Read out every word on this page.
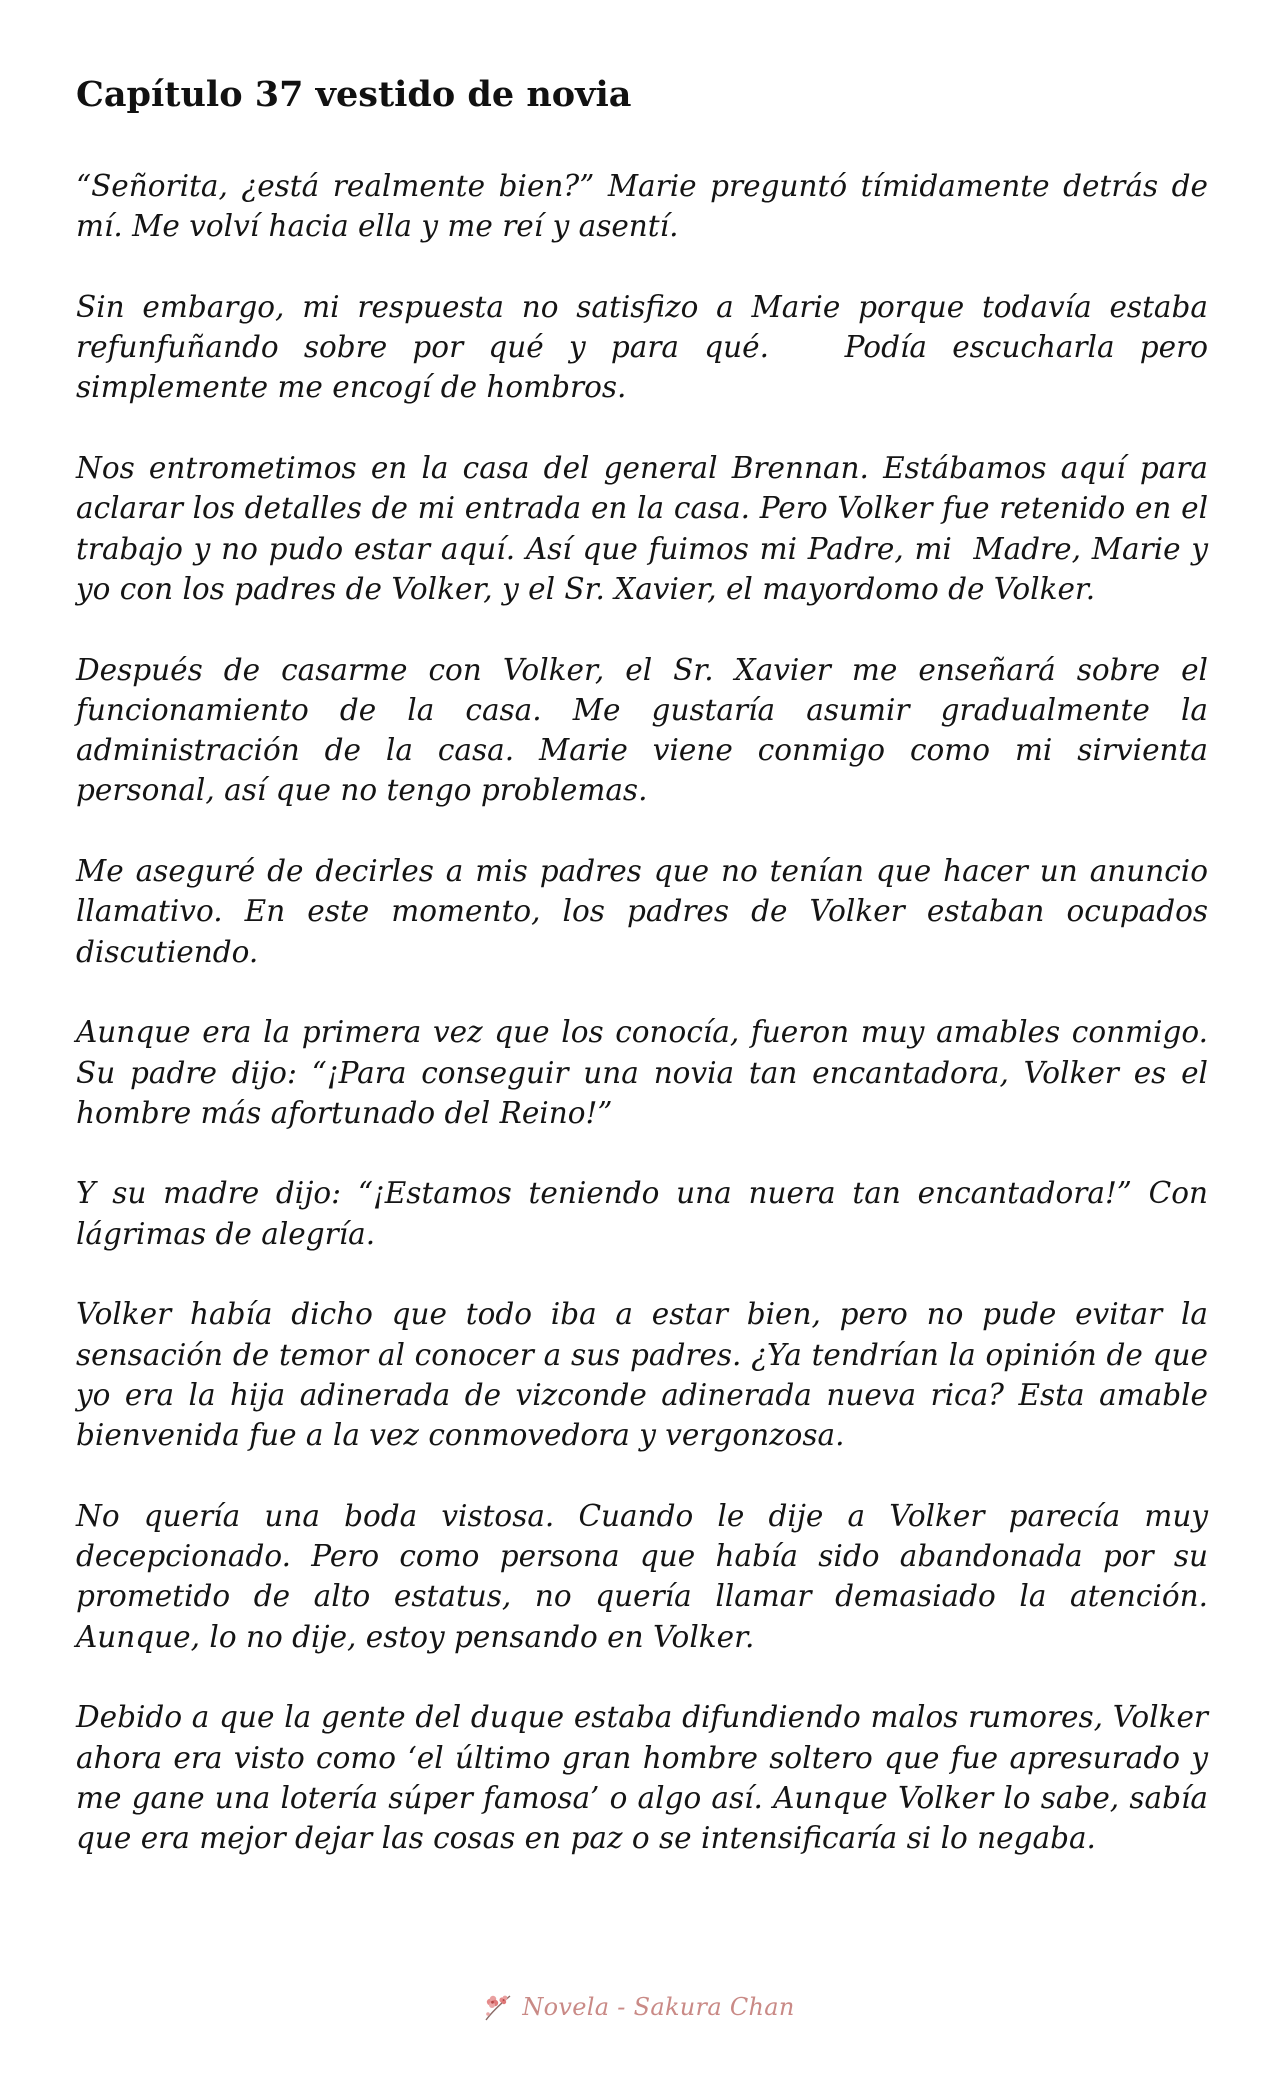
Capítulo 37 vestido de novia

“Señorita, ¿está realmente bien?” Marie preguntó tímidamente detrás de mí. Me volví hacia ella y me reí y asentí.

Sin embargo, mi respuesta no satisfizo a Marie porque todavía estaba refunfuñando sobre por qué y para qué.   Podía escucharla pero simplemente me encogí de hombros.

Nos entrometimos en la casa del general Brennan. Estábamos aquí para aclarar los detalles de mi entrada en la casa. Pero Volker fue retenido en el trabajo y no pudo estar aquí. Así que fuimos mi Padre, mi  Madre, Marie y yo con los padres de Volker, y el Sr. Xavier, el mayordomo de Volker.

Después de casarme con Volker, el Sr. Xavier me enseñará sobre el funcionamiento de la casa. Me gustaría asumir gradualmente la administración de la casa. Marie viene conmigo como mi sirvienta personal, así que no tengo problemas.

Me aseguré de decirles a mis padres que no tenían que hacer un anuncio llamativo. En este momento, los padres de Volker estaban ocupados discutiendo.

Aunque era la primera vez que los conocía, fueron muy amables conmigo. Su padre dijo: “¡Para conseguir una novia tan encantadora, Volker es el hombre más afortunado del Reino!”

Y su madre dijo: “¡Estamos teniendo una nuera tan encantadora!” Con lágrimas de alegría.

Volker había dicho que todo iba a estar bien, pero no pude evitar la sensación de temor al conocer a sus padres. ¿Ya tendrían la opinión de que yo era la hija adinerada de vizconde adinerada nueva rica? Esta amable bienvenida fue a la vez conmovedora y vergonzosa.

No quería una boda vistosa. Cuando le dije a Volker parecía muy decepcionado. Pero como persona que había sido abandonada por su prometido de alto estatus, no quería llamar demasiado la atención. Aunque, lo no dije, estoy pensando en Volker.

Debido a que la gente del duque estaba difundiendo malos rumores, Volker ahora era visto como ‘el último gran hombre soltero que fue apresurado y me gane una lotería súper famosa’ o algo así. Aunque Volker lo sabe, sabía que era mejor dejar las cosas en paz o se intensificaría si lo negaba.

Novela - Sakura Chan
